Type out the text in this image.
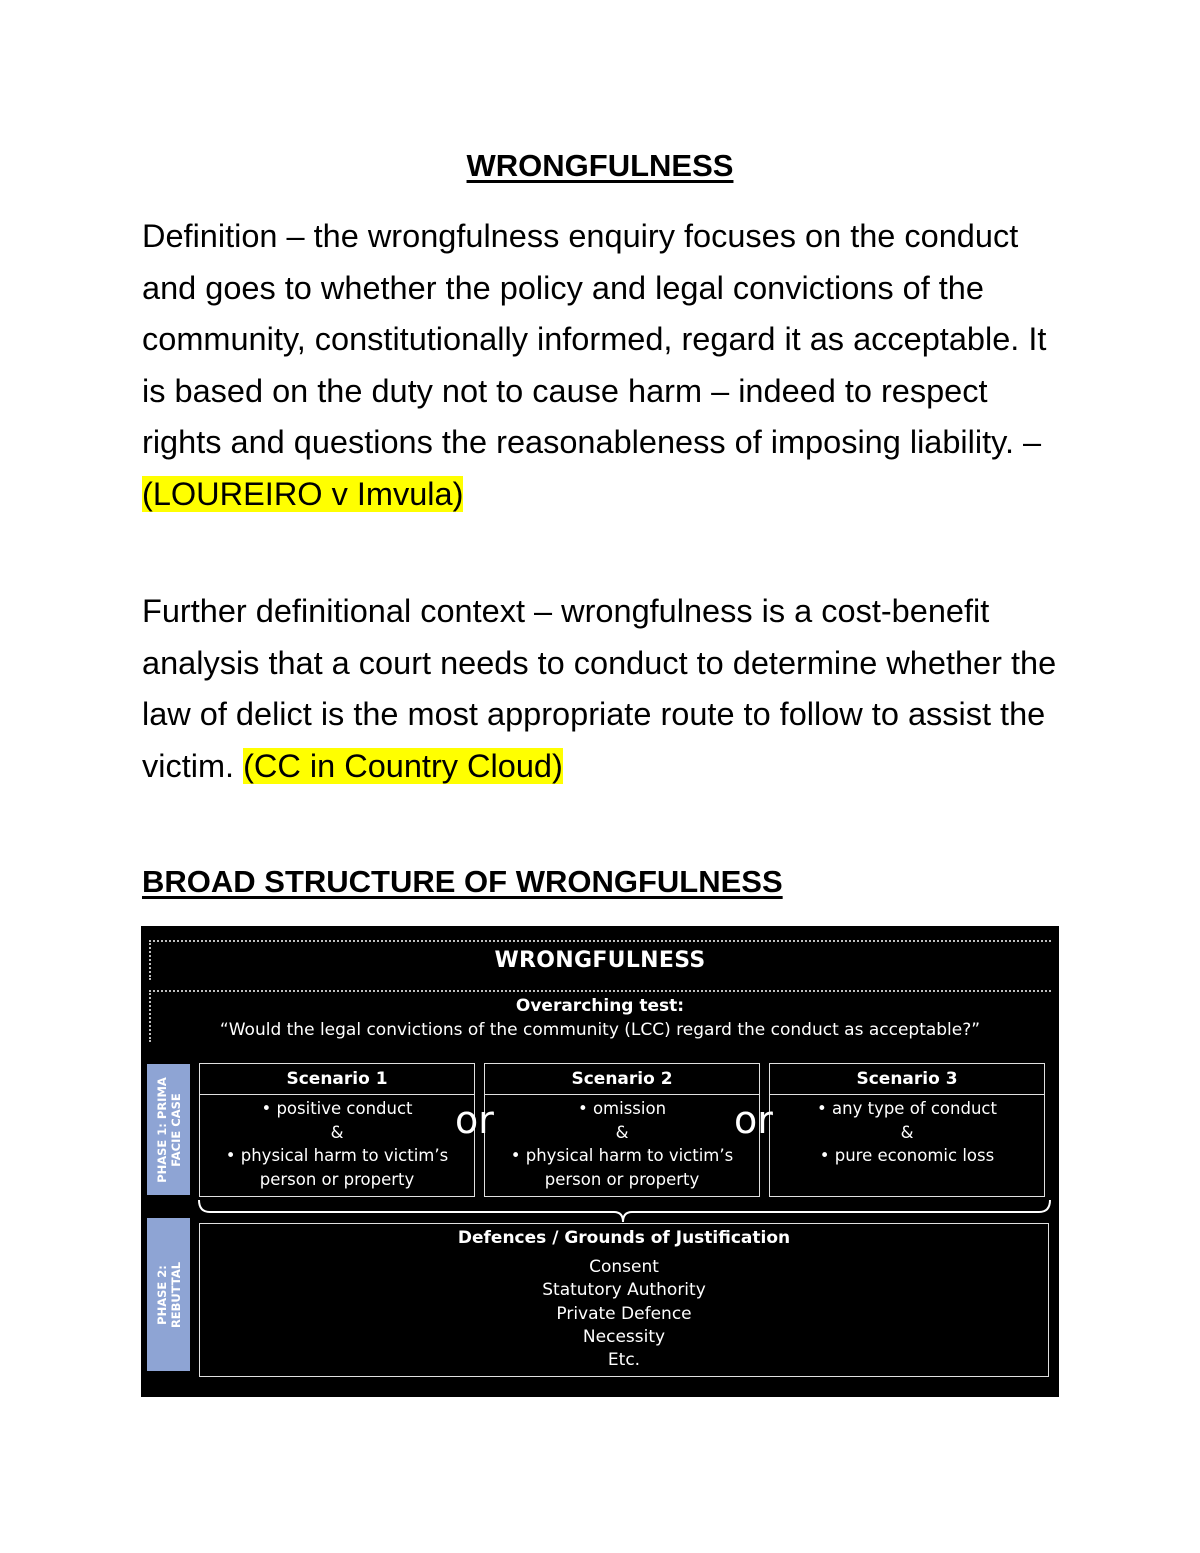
WRONGFULNESS

Definition – the wrongfulness enquiry focuses on the conduct and goes to whether the policy and legal convictions of the community, constitutionally informed, regard it as acceptable. It is based on the duty not to cause harm – indeed to respect rights and questions the reasonableness of imposing liability. – (LOUREIRO v Imvula)

Further definitional context – wrongfulness is a cost-benefit analysis that a court needs to conduct to determine whether the law of delict is the most appropriate route to follow to assist the victim. (CC in Country Cloud)

BROAD STRUCTURE OF WRONGFULNESS
WRONGFULNESS
Overarching test:
“Would the legal convictions of the community (LCC) regard the conduct as acceptable?”
PHASE 1: PRIMA FACIE CASE
PHASE 2: REBUTTAL
Scenario 1
• positive conduct
&
• physical harm to victim’s
person or property
Scenario 2
• omission
&
• physical harm to victim’s
person or property
Scenario 3
• any type of conduct
&
• pure economic loss
or	or
Defences / Grounds of Justification
Consent
Statutory Authority
Private Defence
Necessity
Etc.
